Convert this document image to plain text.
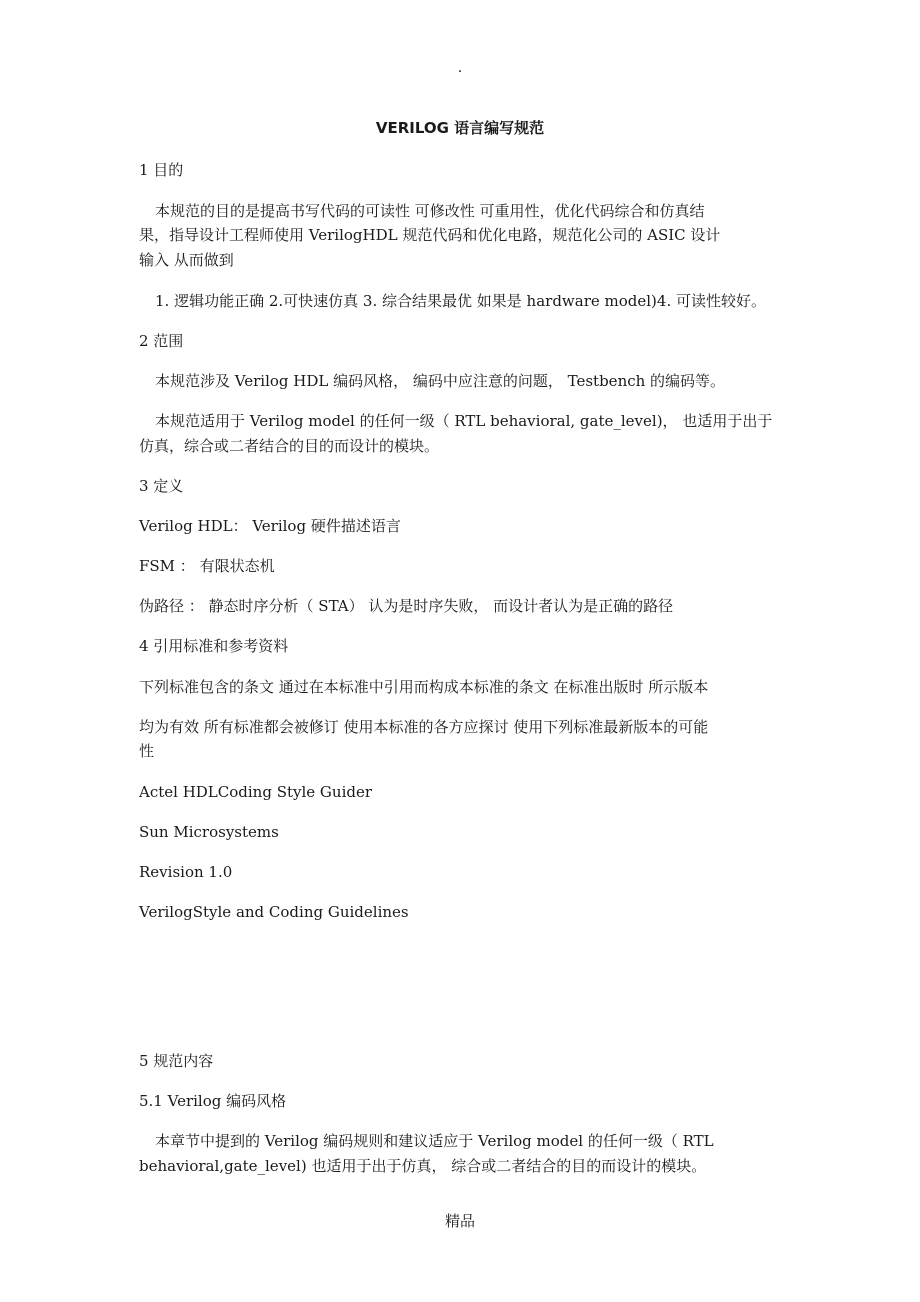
.
VERILOG 语言编写规范
1 目的
本规范的目的是提高书写代码的可读性 可修改性 可重用性，优化代码综合和仿真结
果，指导设计工程师使用 VerilogHDL 规范代码和优化电路，规范化公司的 ASIC 设计
输入 从而做到
1. 逻辑功能正确 2.可快速仿真 3. 综合结果最优 如果是 hardware model)4. 可读性较好。
2 范围
本规范涉及 Verilog HDL 编码风格， 编码中应注意的问题， Testbench 的编码等。
本规范适用于 Verilog model 的任何一级（ RTL behavioral, gate_level)， 也适用于出于
仿真，综合或二者结合的目的而设计的模块。
3 定义
Verilog HDL： Verilog 硬件描述语言
FSM ： 有限状态机
伪路径 ： 静态时序分析（ STA） 认为是时序失败， 而设计者认为是正确的路径
4 引用标准和参考资料
下列标准包含的条文 通过在本标准中引用而构成本标准的条文 在标准出版时 所示版本
均为有效 所有标准都会被修订 使用本标准的各方应探讨 使用下列标准最新版本的可能
性
Actel HDLCoding Style Guider
Sun Microsystems
Revision 1.0
VerilogStyle and Coding Guidelines
5 规范内容
5.1 Verilog 编码风格
本章节中提到的 Verilog 编码规则和建议适应于 Verilog model 的任何一级（ RTL
behavioral,gate_level) 也适用于出于仿真， 综合或二者结合的目的而设计的模块。
精品
